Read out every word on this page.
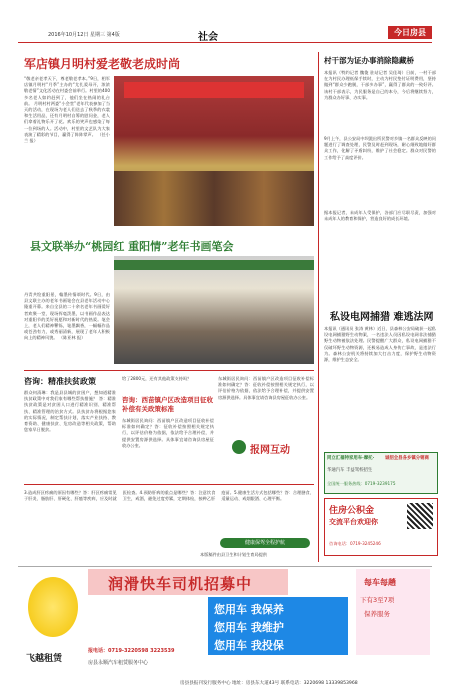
2016年10月12日 星期三 第4版	社会	今日房县
军店镇月明村爱老敬老成时尚
“敬老亲老孝天下，尊老敬老孝本。”9日，相军店镇月明村“月季”主办的“尤扎爱母开，浓浓敬老情”文化活动在村委会前举行。村里的400多名老人如约赶到了，他们坐在热闹的礼台前。 月明村村两委“小会堂”老年代表参加了当天的活动，在现场为老人们送去了秋季的衣裳和生活用品，还有月明村自筹的慰问金，老人们拿着礼物乐开了花。欢乐的笑声也感染了每一位到场的人。活动中，村里的文艺队为大家表演了精彩的节目，赢得了阵阵掌声。 （任小兰 报）
县文联举办“桃园红 重阳情”老年书画笔会
丹青共绘重阳景，翰墨传情颂时代。9日，由县文联主办的老年书画笔会在县老年活动中心隆重开幕。来自全县的二十余名老年书画爱好者欢聚一堂，现场挥毫泼墨，以书画作品表达对重阳节的美好祝愿和对新时代的热爱。笔会上，老人们精神矍铄，笔墨飘香，一幅幅作品或苍劲有力，或秀丽清新，展现了老年人积极向上的精神风貌。 （陈亚林 报）
咨询：精准扶贫政策
群众何清琳：我是县县城的贫困户，想知道精准扶贫政策中对我们家有哪些帮扶措施？ 答：精准扶贫政策是对贫困人口进行精准识别、精准帮扶、精准管理的治贫方式。县扶贫办将根据您家的实际情况，制定帮扶计划，落实产业扶持、教育资助、健康扶贫、危房改造等相关政策，帮助您家早日脱贫。
给了2800元，还有其他政策支持吗？
咨询：西苗镇户区改造项目征收补偿有关政策标准
东城街居民询问：西苗镇户区改造项目征收补偿标准如何确定？答：征收补偿按照相关规定执行，以评估价格为依据，依法给予合理补偿，并提供安置房源供选择。具体事宜请咨询县房屋征收办公室。
东城街居民询问：西苗镇户区改造项目征收补偿标准如何确定？答：征收补偿按照相关规定执行，以评估价格为依据，依法给予合理补偿，并提供安置房源供选择。具体事宜请咨询县房屋征收办公室。
报网互动
3.造成肝区疼痛的原因有哪些？答：肝区疼痛常见于肝炎、脂肪肝、肝硬化、肝癌等疾病，应及时就医检查。4.预防肝病的重点是哪些？答：注意饮食卫生，戒酒，避免过度劳累，定期体检，接种乙肝疫苗。5.健康生活方式包括哪些？答：合理膳食、适量运动、戒烟限酒、心理平衡。
健康保驾全程护航
本版稿件由县卫生和计划生育局提供
村干部为证办事消除隐藏桥
本报讯（特约记者 魏俊 驻站记者 吴佳琦）日前，一村干部在为村民办理低保手续时，主动为村民垫付证明费用，坚持做到“群众少跑腿，干部多办事”，赢得了群众的一致好评。该村干部表示，为民服务是自己的本分，今后将继续努力，为群众办好事、办实事。
9月上午，县公安局中坝派出所民警对乡镇一名群众反映的问题进行了调查处理，民警及时赶到现场，耐心细致地做好群众工作，化解了矛盾纠纷，维护了社会稳定。群众对民警的工作给予了高度评价。
据本报记者，未成年人受保护，各部门应尽职尽责，加强对未成年人的教育和保护，营造良好的成长环境。
私设电网捕猎 难逃法网
本报讯（通讯员 张涛 黄林）近日，县森林公安局破获一起私设电网捕猎野生动物案，一名违法人员因私设电网非法捕猎野生动物被依法处理。民警提醒广大群众，私设电网捕猎不仅破坏野生动物资源，还极易造成人身伤亡事故，是违法行为。森林公安机关将持续加大打击力度，保护野生动物资源，维护生态安全。
同立汇福特家用车·摩托· 诚招全县各乡镇分销商
华通汽车 丰益驾校招生
全国统一服务热线：0719-3239175
住房公积金
交流平台欢迎你
咨询电话：0719-3245246
飞越租赁
润滑快车司机招募中
您用车 我保养
您用车 我维护
您用车 我投保
每车每趟
下有3至7项
保养服务
报电话：0719-3220598 3223539
房县永顺汽车租赁服务中心
房县县报刊发行服务中心 地址：房县东大道43号 联系电话：3220698 13339853968
